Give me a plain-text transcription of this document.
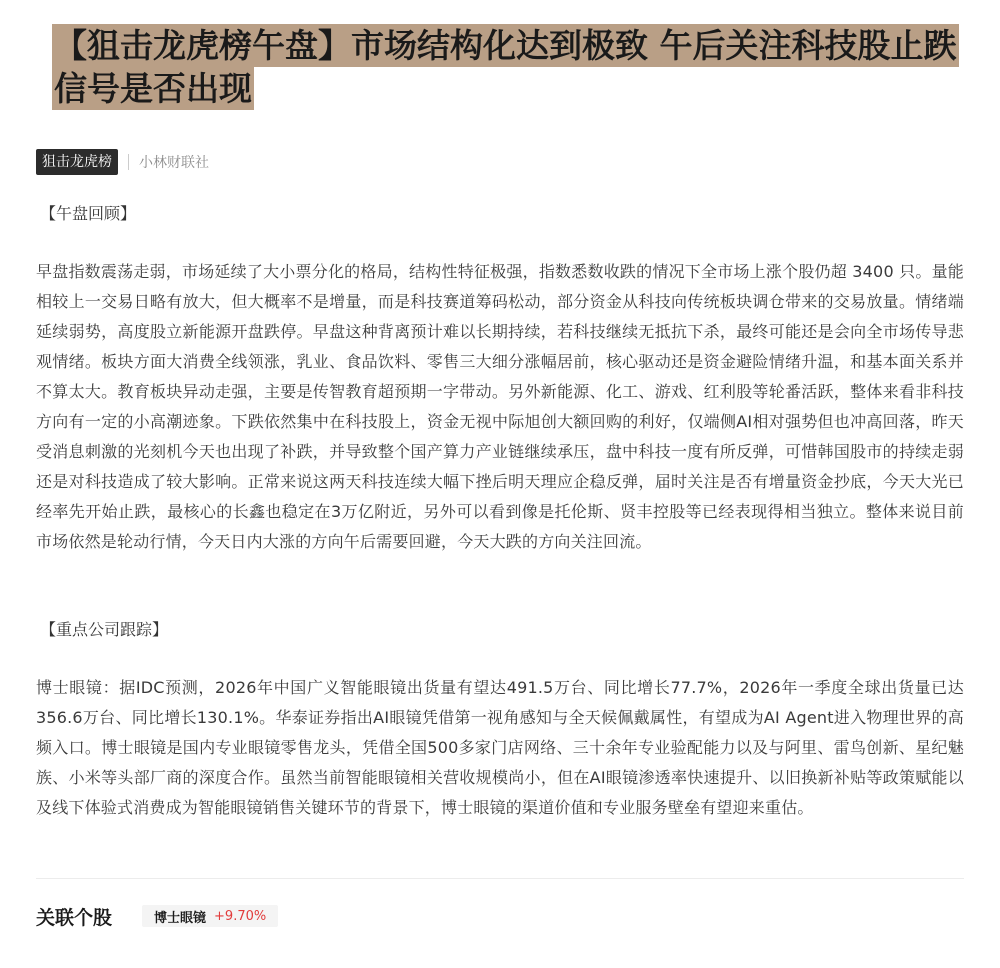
【狙击龙虎榜午盘】市场结构化达到极致 午后关注科技股止跌信号是否出现
狙击龙虎榜	小林财联社
【午盘回顾】

早盘指数震荡走弱，市场延续了大小票分化的格局，结构性特征极强，指数悉数收跌的情况下全市场上涨个股仍超 3400 只。量能相较上一交易日略有放大，但大概率不是增量，而是科技赛道筹码松动，部分资金从科技向传统板块调仓带来的交易放量。情绪端延续弱势，高度股立新能源开盘跌停。早盘这种背离预计难以长期持续，若科技继续无抵抗下杀，最终可能还是会向全市场传导悲观情绪。板块方面大消费全线领涨，乳业、食品饮料、零售三大细分涨幅居前，核心驱动还是资金避险情绪升温，和基本面关系并不算太大。教育板块异动走强，主要是传智教育超预期一字带动。另外新能源、化工、游戏、红利股等轮番活跃，整体来看非科技方向有一定的小高潮迹象。下跌依然集中在科技股上，资金无视中际旭创大额回购的利好，仅端侧AI相对强势但也冲高回落，昨天受消息刺激的光刻机今天也出现了补跌，并导致整个国产算力产业链继续承压，盘中科技一度有所反弹，可惜韩国股市的持续走弱还是对科技造成了较大影响。正常来说这两天科技连续大幅下挫后明天理应企稳反弹，届时关注是否有增量资金抄底，今天大光已经率先开始止跌，最核心的长鑫也稳定在3万亿附近，另外可以看到像是托伦斯、贤丰控股等已经表现得相当独立。整体来说目前市场依然是轮动行情，今天日内大涨的方向午后需要回避，今天大跌的方向关注回流。

【重点公司跟踪】

博士眼镜：据IDC预测，2026年中国广义智能眼镜出货量有望达491.5万台、同比增长77.7%，2026年一季度全球出货量已达356.6万台、同比增长130.1%。华泰证券指出AI眼镜凭借第一视角感知与全天候佩戴属性，有望成为AI Agent进入物理世界的高频入口。博士眼镜是国内专业眼镜零售龙头，凭借全国500多家门店网络、三十余年专业验配能力以及与阿里、雷鸟创新、星纪魅族、小米等头部厂商的深度合作。虽然当前智能眼镜相关营收规模尚小，但在AI眼镜渗透率快速提升、以旧换新补贴等政策赋能以及线下体验式消费成为智能眼镜销售关键环节的背景下，博士眼镜的渠道价值和专业服务壁垒有望迎来重估。

关联个股	博士眼镜 +9.70%
